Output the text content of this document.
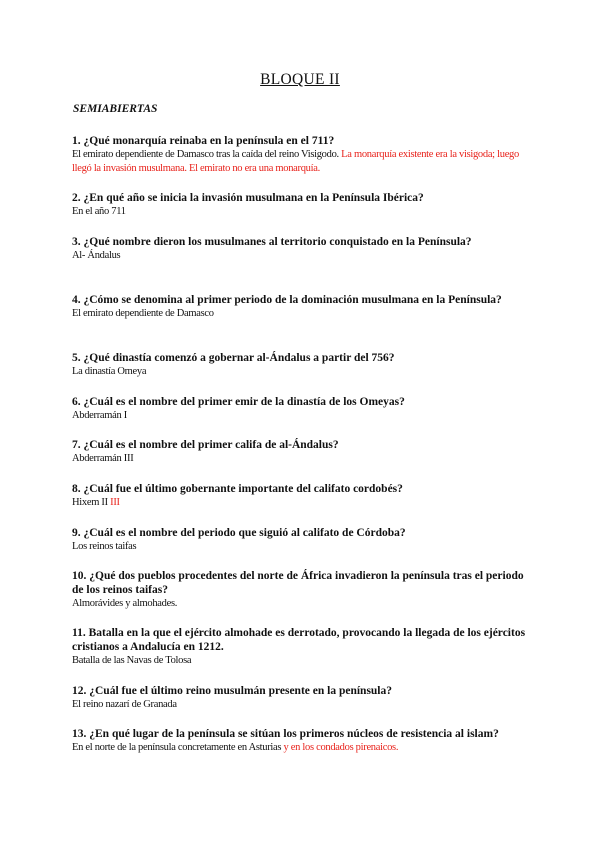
BLOQUE II
SEMIABIERTAS
1. ¿Qué monarquía reinaba en la península en el 711?
El emirato dependiente de Damasco tras la caída del reino Visigodo. La monarquía existente era la visigoda; luego llegó la invasión musulmana. El emirato no era una monarquía.
2. ¿En qué año se inicia la invasión musulmana en la Península Ibérica?
En el año 711
3. ¿Qué nombre dieron los musulmanes al territorio conquistado en la Península?
Al- Ándalus
4. ¿Cómo se denomina al primer periodo de la dominación musulmana en la Península?
El emirato dependiente de Damasco
5. ¿Qué dinastía comenzó a gobernar al-Ándalus a partir del 756?
La dinastía Omeya
6. ¿Cuál es el nombre del primer emir de la dinastía de los Omeyas?
Abderramán I
7. ¿Cuál es el nombre del primer califa de al-Ándalus?
Abderramán III
8. ¿Cuál fue el último gobernante importante del califato cordobés?
Hixem II III
9. ¿Cuál es el nombre del periodo que siguió al califato de Córdoba?
Los reinos taifas
10. ¿Qué dos pueblos procedentes del norte de África invadieron la península tras el periodo de los reinos taifas?
Almorávides y almohades.
11. Batalla en la que el ejército almohade es derrotado, provocando la llegada de los ejércitos cristianos a Andalucía en 1212.
Batalla de las Navas de Tolosa
12. ¿Cuál fue el último reino musulmán presente en la península?
El reino nazarí de Granada
13. ¿En qué lugar de la península se sitúan los primeros núcleos de resistencia al islam?
En el norte de la península concretamente en Asturias y en los condados pirenaicos.
